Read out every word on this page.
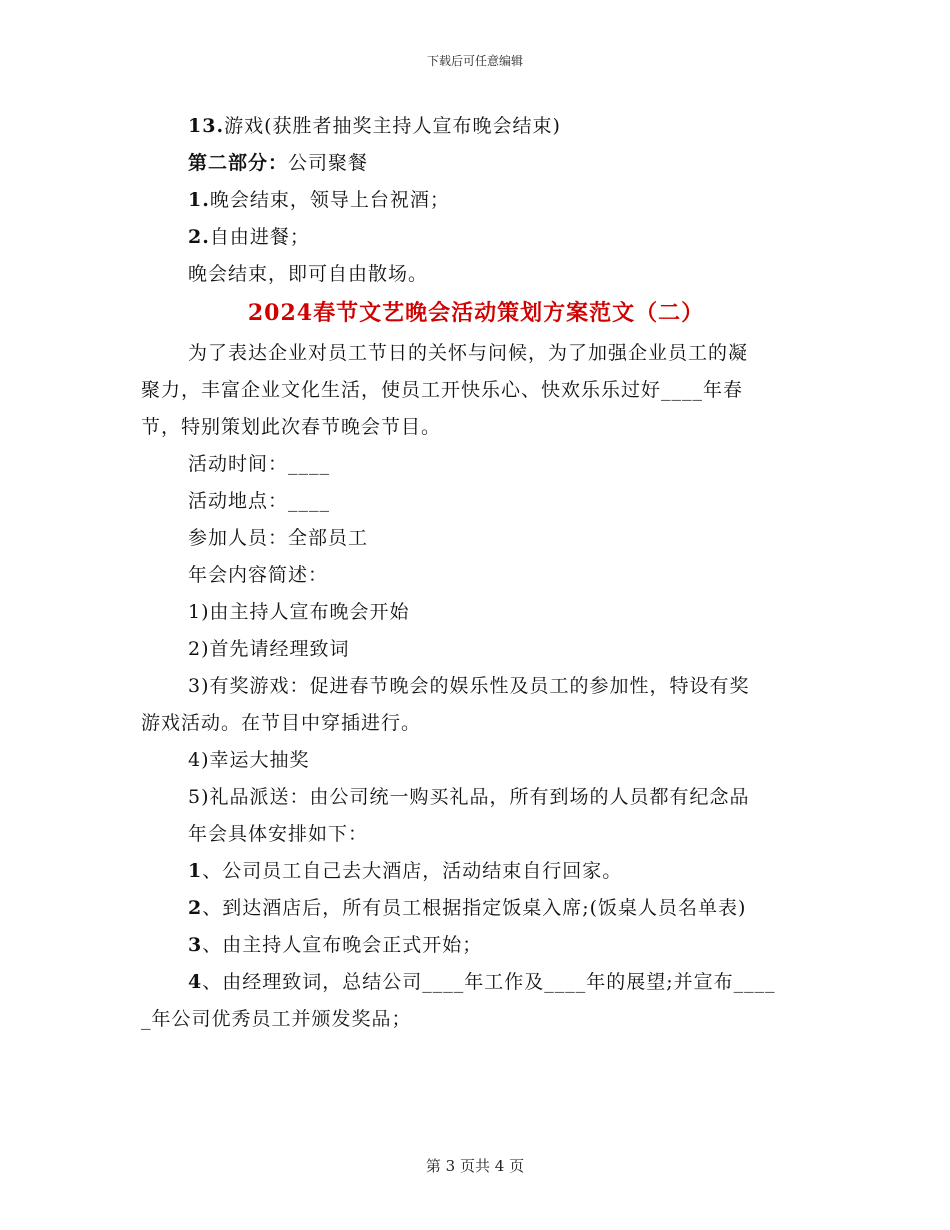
下载后可任意编辑
13.游戏(获胜者抽奖主持人宣布晚会结束)
第二部分：公司聚餐
1.晚会结束，领导上台祝酒；
2.自由进餐；
晚会结束，即可自由散场。
2024春节文艺晚会活动策划方案范文（二）
为了表达企业对员工节日的关怀与问候，为了加强企业员工的凝
聚力，丰富企业文化生活，使员工开快乐心、快欢乐乐过好____年春
节，特别策划此次春节晚会节目。
活动时间：____
活动地点：____
参加人员：全部员工
年会内容简述：
1)由主持人宣布晚会开始
2)首先请经理致词
3)有奖游戏：促进春节晚会的娱乐性及员工的参加性，特设有奖
游戏活动。在节目中穿插进行。
4)幸运大抽奖
5)礼品派送：由公司统一购买礼品，所有到场的人员都有纪念品
年会具体安排如下：
1、公司员工自己去大酒店，活动结束自行回家。
2、到达酒店后，所有员工根据指定饭桌入席;(饭桌人员名单表)
3、由主持人宣布晚会正式开始；
4、由经理致词，总结公司____年工作及____年的展望;并宣布____
_年公司优秀员工并颁发奖品；
第 3 页共 4 页
